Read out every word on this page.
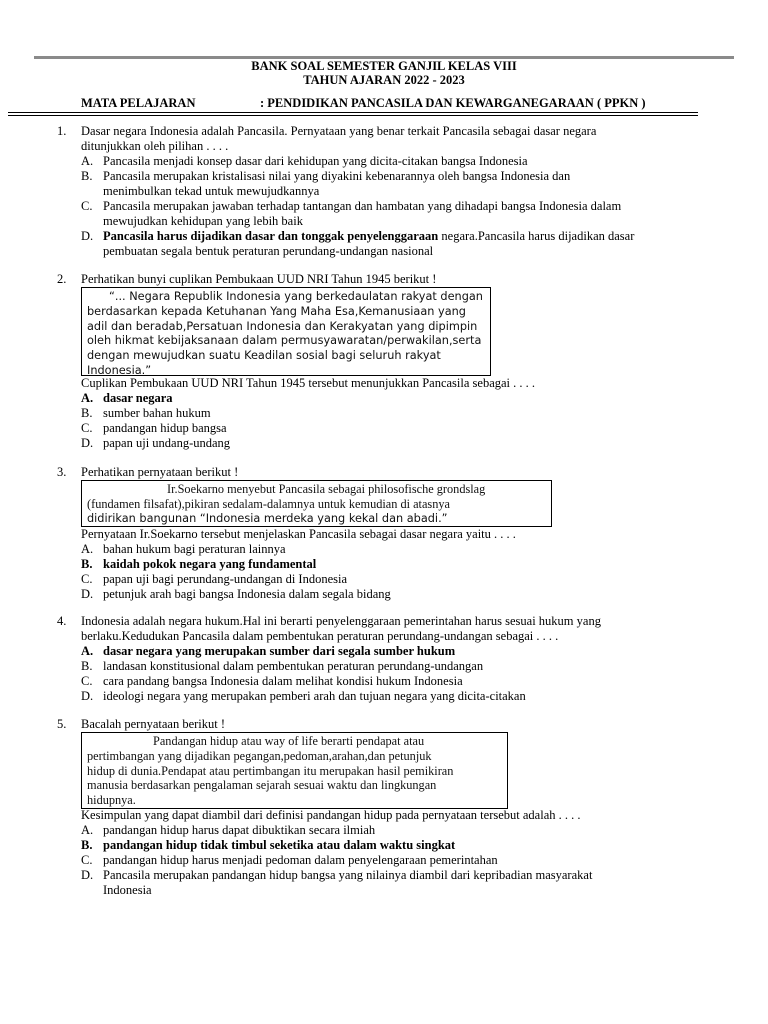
BANK SOAL SEMESTER GANJIL KELAS VIII
TAHUN AJARAN 2022 - 2023
MATA PELAJARAN	: PENDIDIKAN PANCASILA DAN KEWARGANEGARAAN ( PPKN )
1.	Dasar negara Indonesia adalah Pancasila. Pernyataan yang benar terkait Pancasila sebagai dasar negara
ditunjukkan oleh pilihan . . . .
A. Pancasila menjadi konsep dasar dari kehidupan yang dicita-citakan bangsa Indonesia
B. Pancasila merupakan kristalisasi nilai yang diyakini kebenarannya oleh bangsa Indonesia dan
menimbulkan tekad untuk mewujudkannya
C. Pancasila merupakan jawaban terhadap tantangan dan hambatan yang dihadapi bangsa Indonesia dalam
mewujudkan kehidupan yang lebih baik
D. Pancasila harus dijadikan dasar dan tonggak penyelenggaraan negara.Pancasila harus dijadikan dasar
pembuatan segala bentuk peraturan perundang-undangan nasional
2.	Perhatikan bunyi cuplikan Pembukaan UUD NRI Tahun 1945 berikut !

“... Negara Republik Indonesia yang berkedaulatan rakyat dengan

berdasarkan kepada Ketuhanan Yang Maha Esa,Kemanusiaan yang

adil dan beradab,Persatuan Indonesia dan Kerakyatan yang dipimpin

oleh hikmat kebijaksanaan dalam permusyawaratan/perwakilan,serta

dengan mewujudkan suatu Keadilan sosial bagi seluruh rakyat

Indonesia.”

Cuplikan Pembukaan UUD NRI Tahun 1945 tersebut menunjukkan Pancasila sebagai . . . .
A. dasar negara
B. sumber bahan hukum
C. pandangan hidup bangsa
D. papan uji undang-undang
3.	Perhatikan pernyataan berikut !

Ir.Soekarno menyebut Pancasila sebagai philosofische grondslag

(fundamen filsafat),pikiran sedalam-dalamnya untuk kemudian di atasnya

didirikan bangunan “Indonesia merdeka yang kekal dan abadi.”

Pernyataan Ir.Soekarno tersebut menjelaskan Pancasila sebagai dasar negara yaitu . . . .
A. bahan hukum bagi peraturan lainnya
B. kaidah pokok negara yang fundamental
C. papan uji bagi perundang-undangan di Indonesia
D. petunjuk arah bagi bangsa Indonesia dalam segala bidang
4.	Indonesia adalah negara hukum.Hal ini berarti penyelenggaraan pemerintahan harus sesuai hukum yang
berlaku.Kedudukan Pancasila dalam pembentukan peraturan perundang-undangan sebagai . . . .
A. dasar negara yang merupakan sumber dari segala sumber hukum
B. landasan konstitusional dalam pembentukan peraturan perundang-undangan
C. cara pandang bangsa Indonesia dalam melihat kondisi hukum Indonesia
D. ideologi negara yang merupakan pemberi arah dan tujuan negara yang dicita-citakan
5.	Bacalah pernyataan berikut !

Pandangan hidup atau way of life berarti pendapat atau

pertimbangan yang dijadikan pegangan,pedoman,arahan,dan petunjuk

hidup di dunia.Pendapat atau pertimbangan itu merupakan hasil pemikiran

manusia berdasarkan pengalaman sejarah sesuai waktu dan lingkungan

hidupnya.

Kesimpulan yang dapat diambil dari definisi pandangan hidup pada pernyataan tersebut adalah . . . .
A. pandangan hidup harus dapat dibuktikan secara ilmiah
B. pandangan hidup tidak timbul seketika atau dalam waktu singkat
C. pandangan hidup harus menjadi pedoman dalam penyelengaraan pemerintahan
D. Pancasila merupakan pandangan hidup bangsa yang nilainya diambil dari kepribadian masyarakat
Indonesia
